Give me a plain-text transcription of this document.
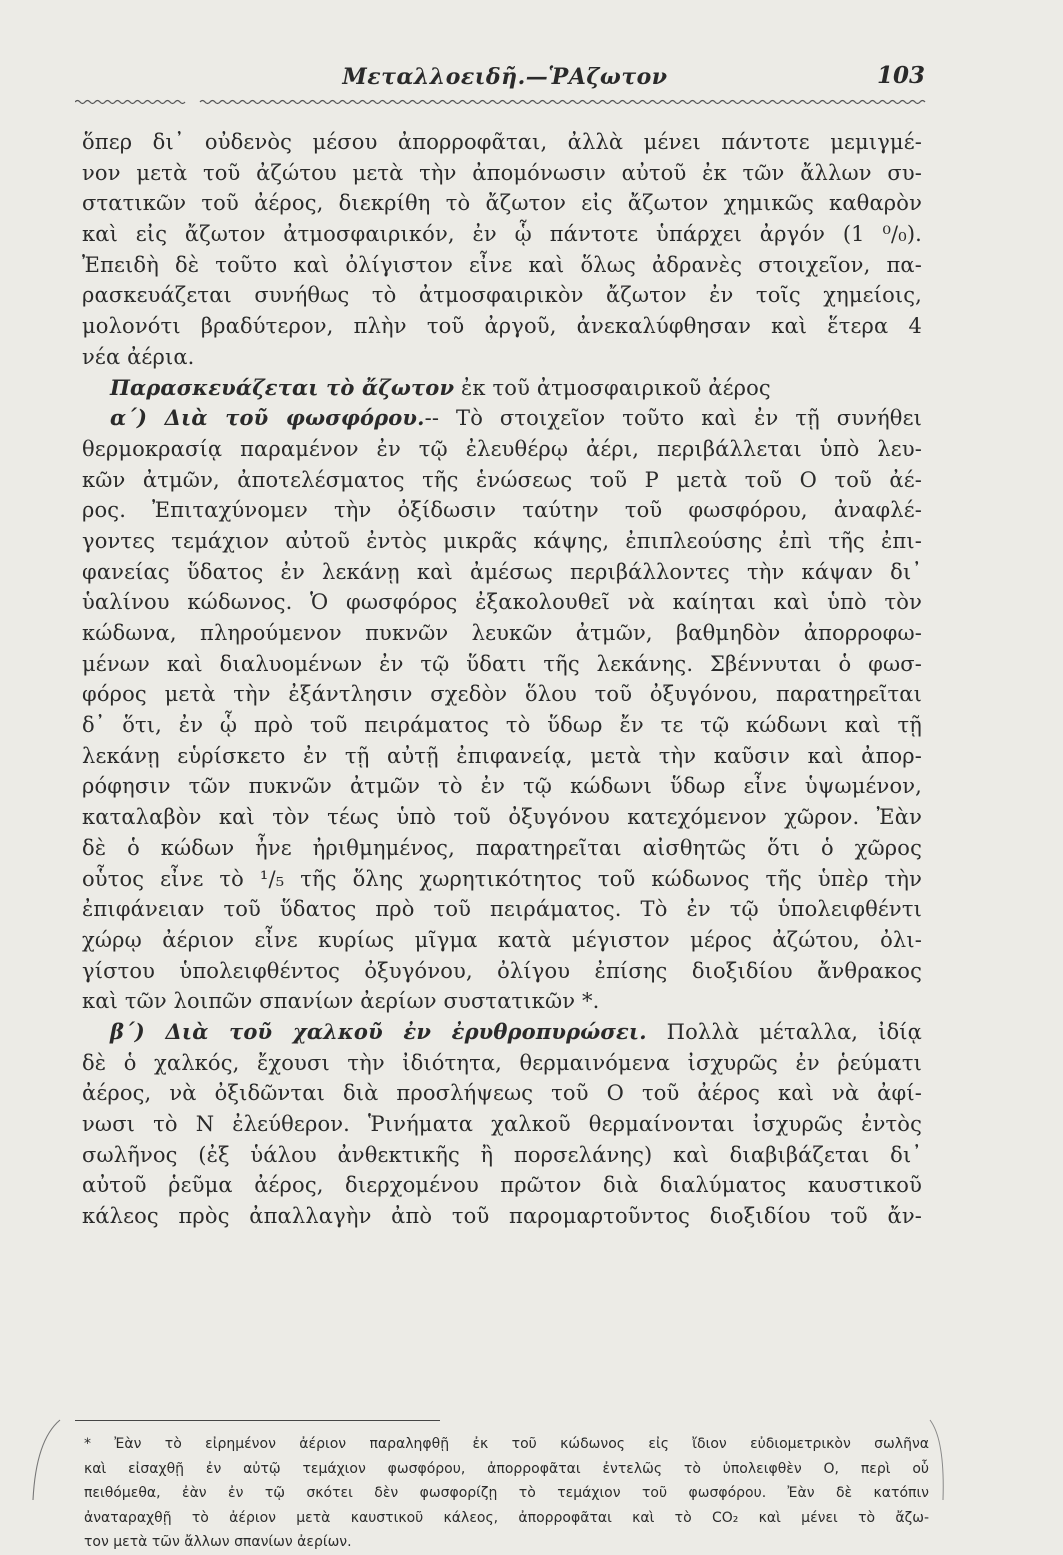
Μεταλλοειδῆ.—ῬΑζωτον	103
ὅπερ δι᾽ οὐδενὸς μέσου ἀπορροφᾶται, ἀλλὰ μένει πάντοτε μεμιγμέ-
νον μετὰ τοῦ ἀζώτου μετὰ τὴν ἀπομόνωσιν αὐτοῦ ἐκ τῶν ἄλλων συ-
στατικῶν τοῦ ἀέρος, διεκρίθη τὸ ἄζωτον εἰς ἄζωτον χημικῶς καθαρὸν
καὶ εἰς ἄζωτον ἀτμοσφαιρικόν, ἐν ᾧ πάντοτε ὑπάρχει ἀργόν (1 ⁰/₀).
Ἐπειδὴ δὲ τοῦτο καὶ ὀλίγιστον εἶνε καὶ ὅλως ἀδρανὲς στοιχεῖον, πα-
ρασκευάζεται συνήθως τὸ ἀτμοσφαιρικὸν ἄζωτον ἐν τοῖς χημείοις,
μολονότι βραδύτερον, πλὴν τοῦ ἀργοῦ, ἀνεκαλύφθησαν καὶ ἕτερα 4
νέα ἀέρια.
Παρασκευάζεται τὸ ἄζωτον ἐκ τοῦ ἀτμοσφαιρικοῦ ἀέρος
α΄) Διὰ τοῦ φωσφόρου.-- Τὸ στοιχεῖον τοῦτο καὶ ἐν τῇ συνήθει
θερμοκρασίᾳ παραμένον ἐν τῷ ἐλευθέρῳ ἀέρι, περιβάλλεται ὑπὸ λευ-
κῶν ἀτμῶν, ἀποτελέσματος τῆς ἑνώσεως τοῦ Ρ μετὰ τοῦ Ο τοῦ ἀέ-
ρος. Ἐπιταχύνομεν τὴν ὀξίδωσιν ταύτην τοῦ φωσφόρου, ἀναφλέ-
γοντες τεμάχιον αὐτοῦ ἐντὸς μικρᾶς κάψης, ἐπιπλεούσης ἐπὶ τῆς ἐπι-
φανείας ὕδατος ἐν λεκάνῃ καὶ ἀμέσως περιβάλλοντες τὴν κάψαν δι᾽
ὑαλίνου κώδωνος. Ὁ φωσφόρος ἐξακολουθεῖ νὰ καίηται καὶ ὑπὸ τὸν
κώδωνα, πληρούμενον πυκνῶν λευκῶν ἀτμῶν, βαθμηδὸν ἀπορροφω-
μένων καὶ διαλυομένων ἐν τῷ ὕδατι τῆς λεκάνης. Σβέννυται ὁ φωσ-
φόρος μετὰ τὴν ἐξάντλησιν σχεδὸν ὅλου τοῦ ὀξυγόνου, παρατηρεῖται
δ᾽ ὅτι, ἐν ᾧ πρὸ τοῦ πειράματος τὸ ὕδωρ ἔν τε τῷ κώδωνι καὶ τῇ
λεκάνῃ εὑρίσκετο ἐν τῇ αὐτῇ ἐπιφανείᾳ, μετὰ τὴν καῦσιν καὶ ἀπορ-
ρόφησιν τῶν πυκνῶν ἀτμῶν τὸ ἐν τῷ κώδωνι ὕδωρ εἶνε ὑψωμένον,
καταλαβὸν καὶ τὸν τέως ὑπὸ τοῦ ὀξυγόνου κατεχόμενον χῶρον. Ἐὰν
δὲ ὁ κώδων ἦνε ἠριθμημένος, παρατηρεῖται αἰσθητῶς ὅτι ὁ χῶρος
οὗτος εἶνε τὸ ¹/₅ τῆς ὅλης χωρητικότητος τοῦ κώδωνος τῆς ὑπὲρ τὴν
ἐπιφάνειαν τοῦ ὕδατος πρὸ τοῦ πειράματος. Τὸ ἐν τῷ ὑπολειφθέντι
χώρῳ ἀέριον εἶνε κυρίως μῖγμα κατὰ μέγιστον μέρος ἀζώτου, ὀλι-
γίστου ὑπολειφθέντος ὀξυγόνου, ὀλίγου ἐπίσης διοξιδίου ἄνθρακος
καὶ τῶν λοιπῶν σπανίων ἀερίων συστατικῶν *.
β΄) Διὰ τοῦ χαλκοῦ ἐν ἐρυθροπυρώσει. Πολλὰ μέταλλα, ἰδίᾳ
δὲ ὁ χαλκός, ἔχουσι τὴν ἰδιότητα, θερμαινόμενα ἰσχυρῶς ἐν ῥεύματι
ἀέρος, νὰ ὀξιδῶνται διὰ προσλήψεως τοῦ Ο τοῦ ἀέρος καὶ νὰ ἀφί-
νωσι τὸ Ν ἐλεύθερον. Ῥινήματα χαλκοῦ θερμαίνονται ἰσχυρῶς ἐντὸς
σωλῆνος (ἐξ ὑάλου ἀνθεκτικῆς ἢ πορσελάνης) καὶ διαβιβάζεται δι᾽
αὐτοῦ ῥεῦμα ἀέρος, διερχομένου πρῶτον διὰ διαλύματος καυστικοῦ
κάλεος πρὸς ἀπαλλαγὴν ἀπὸ τοῦ παρομαρτοῦντος διοξιδίου τοῦ ἄν-
* Ἐὰν τὸ εἰρημένον ἀέριον παραληφθῇ ἐκ τοῦ κώδωνος εἰς ἴδιον εὐδιομετρικὸν σωλῆνα
καὶ εἰσαχθῇ ἐν αὐτῷ τεμάχιον φωσφόρου, ἀπορροφᾶται ἐντελῶς τὸ ὑπολειφθὲν Ο, περὶ οὗ
πειθόμεθα, ἐὰν ἐν τῷ σκότει δὲν φωσφορίζῃ τὸ τεμάχιον τοῦ φωσφόρου. Ἐὰν δὲ κατόπιν
ἀναταραχθῇ τὸ ἀέριον μετὰ καυστικοῦ κάλεος, ἀπορροφᾶται καὶ τὸ CO₂ καὶ μένει τὸ ἄζω-
τον μετὰ τῶν ἄλλων σπανίων ἀερίων.
